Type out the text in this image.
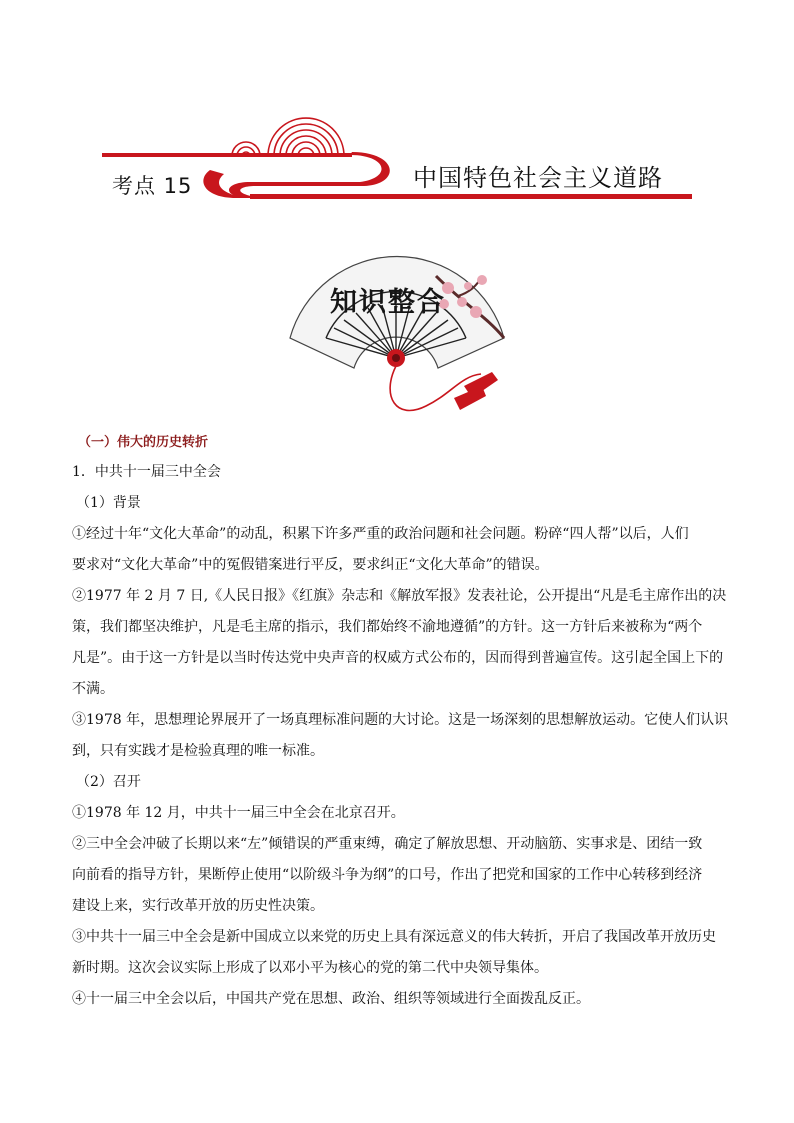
考点 15	中国特色社会主义道路
知识整合
（一）伟大的历史转折
1．中共十一届三中全会
（1）背景
①经过十年“文化大革命”的动乱，积累下许多严重的政治问题和社会问题。粉碎“四人帮”以后，人们
要求对“文化大革命”中的冤假错案进行平反，要求纠正“文化大革命”的错误。
②1977 年 2 月 7 日,《人民日报》《红旗》杂志和《解放军报》发表社论，公开提出“凡是毛主席作出的决
策，我们都坚决维护，凡是毛主席的指示，我们都始终不渝地遵循”的方针。这一方针后来被称为“两个
凡是”。由于这一方针是以当时传达党中央声音的权威方式公布的，因而得到普遍宣传。这引起全国上下的
不满。
③1978 年，思想理论界展开了一场真理标准问题的大讨论。这是一场深刻的思想解放运动。它使人们认识
到，只有实践才是检验真理的唯一标准。
（2）召开
①1978 年 12 月，中共十一届三中全会在北京召开。
②三中全会冲破了长期以来“左”倾错误的严重束缚，确定了解放思想、开动脑筋、实事求是、团结一致
向前看的指导方针，果断停止使用“以阶级斗争为纲”的口号，作出了把党和国家的工作中心转移到经济
建设上来，实行改革开放的历史性决策。
③中共十一届三中全会是新中国成立以来党的历史上具有深远意义的伟大转折，开启了我国改革开放历史
新时期。这次会议实际上形成了以邓小平为核心的党的第二代中央领导集体。
④十一届三中全会以后，中国共产党在思想、政治、组织等领域进行全面拨乱反正。
